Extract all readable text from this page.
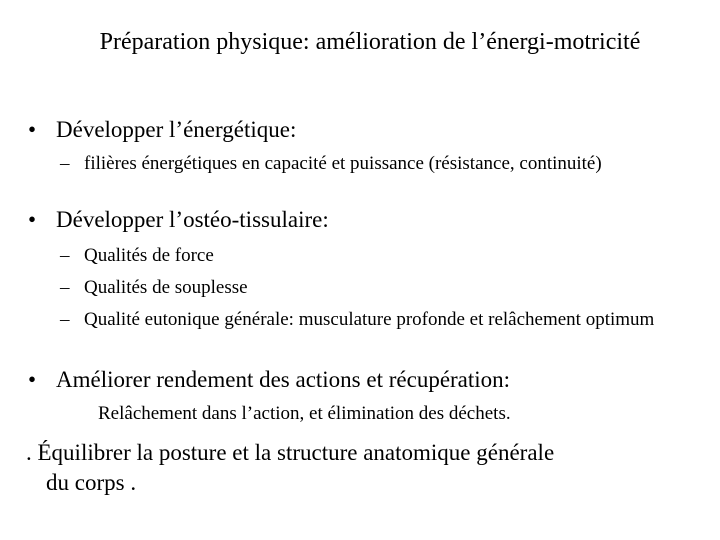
Préparation physique: amélioration de l’énergi-motricité
• Développer l’énergétique:
– filières énergétiques en capacité et puissance (résistance, continuité)
• Développer l’ostéo-tissulaire:
– Qualités de force
– Qualités de souplesse
– Qualité eutonique générale: musculature profonde et relâchement optimum
• Améliorer rendement des actions et récupération:
Relâchement dans l’action, et élimination des déchets.
. Équilibrer la posture et la structure anatomique générale
du corps .
